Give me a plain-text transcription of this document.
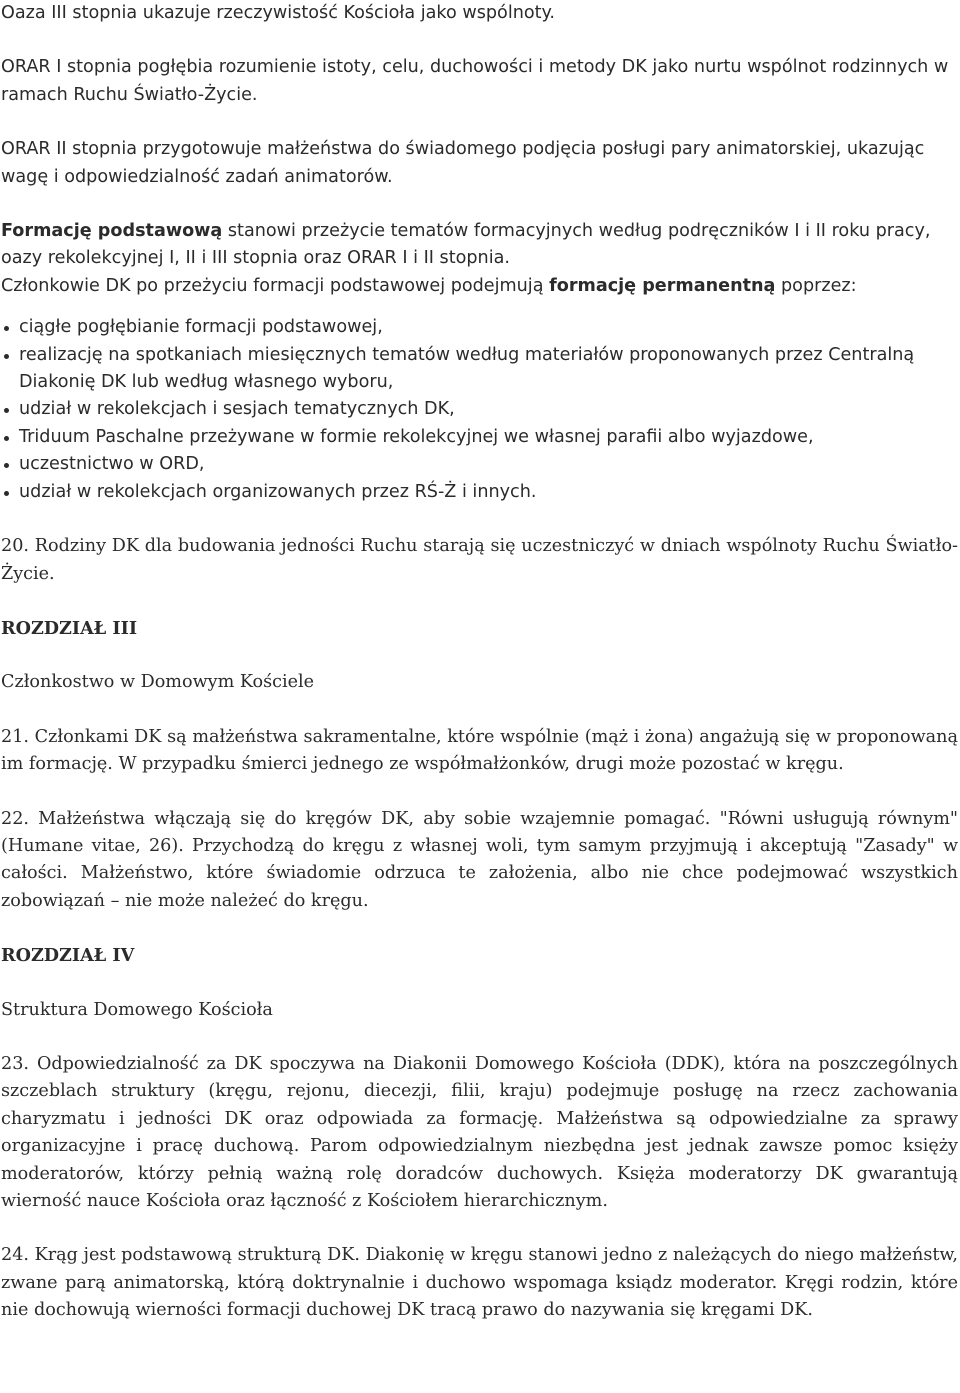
Oaza III stopnia ukazuje rzeczywistość Kościoła jako wspólnoty.

ORAR I stopnia pogłębia rozumienie istoty, celu, duchowości i metody DK jako nurtu wspólnot rodzinnych w ramach Ruchu Światło-Życie.

ORAR II stopnia przygotowuje małżeństwa do świadomego podjęcia posługi pary animatorskiej, ukazując wagę i odpowiedzialność zadań animatorów.

Formację podstawową stanowi przeżycie tematów formacyjnych według podręczników I i II roku pracy, oazy rekolekcyjnej I, II i III stopnia oraz ORAR I i II stopnia.

Członkowie DK po przeżyciu formacji podstawowej podejmują formację permanentną poprzez:

ciągłe pogłębianie formacji podstawowej,
realizację na spotkaniach miesięcznych tematów według materiałów proponowanych przez Centralną Diakonię DK lub według własnego wyboru,
udział w rekolekcjach i sesjach tematycznych DK,
Triduum Paschalne przeżywane w formie rekolekcyjnej we własnej parafii albo wyjazdowe,
uczestnictwo w ORD,
udział w rekolekcjach organizowanych przez RŚ-Ż i innych.

20. Rodziny DK dla budowania jedności Ruchu starają się uczestniczyć w dniach wspólnoty Ruchu Światło-Życie.

ROZDZIAŁ III

Członkostwo w Domowym Kościele

21. Członkami DK są małżeństwa sakramentalne, które wspólnie (mąż i żona) angażują się w proponowaną im formację. W przypadku śmierci jednego ze współmałżonków, drugi może pozostać w kręgu.

22. Małżeństwa włączają się do kręgów DK, aby sobie wzajemnie pomagać. "Równi usługują równym" (Humane vitae, 26). Przychodzą do kręgu z własnej woli, tym samym przyjmują i akceptują "Zasady" w całości. Małżeństwo, które świadomie odrzuca te założenia, albo nie chce podejmować wszystkich zobowiązań – nie może należeć do kręgu.

ROZDZIAŁ IV

Struktura Domowego Kościoła

23. Odpowiedzialność za DK spoczywa na Diakonii Domowego Kościoła (DDK), która na poszczególnych szczeblach struktury (kręgu, rejonu, diecezji, filii, kraju) podejmuje posługę na rzecz zachowania charyzmatu i jedności DK oraz odpowiada za formację. Małżeństwa są odpowiedzialne za sprawy organizacyjne i pracę duchową. Parom odpowiedzialnym niezbędna jest jednak zawsze pomoc księży moderatorów, którzy pełnią ważną rolę doradców duchowych. Księża moderatorzy DK gwarantują wierność nauce Kościoła oraz łączność z Kościołem hierarchicznym.

24. Krąg jest podstawową strukturą DK. Diakonię w kręgu stanowi jedno z należących do niego małżeństw, zwane parą animatorską, którą doktrynalnie i duchowo wspomaga ksiądz moderator. Kręgi rodzin, które nie dochowują wierności formacji duchowej DK tracą prawo do nazywania się kręgami DK.
